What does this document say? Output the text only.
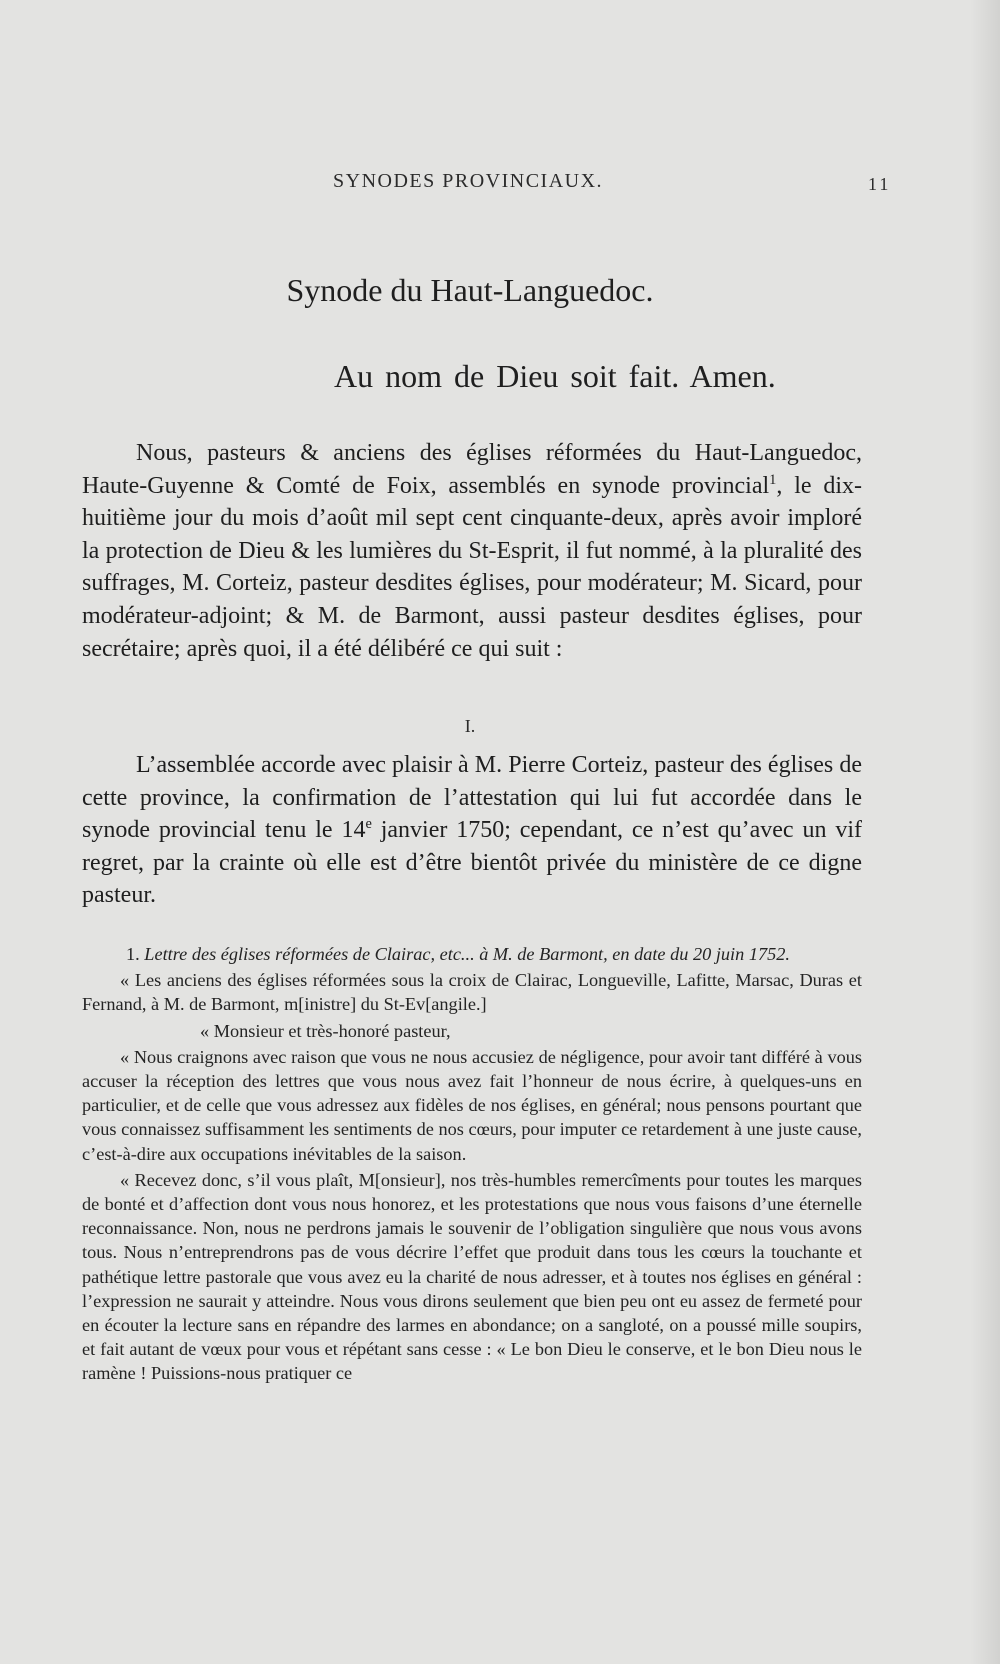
SYNODES PROVINCIAUX.	11
Synode du Haut-Languedoc.
Au nom de Dieu soit fait. Amen.

Nous, pasteurs & anciens des églises réformées du Haut-Languedoc, Haute-Guyenne & Comté de Foix, assemblés en synode provincial$^1$, le dix-huitième jour du mois d’août mil sept cent cinquante-deux, après avoir imploré la protection de Dieu & les lumières du St-Esprit, il fut nommé, à la pluralité des suffrages, M. Corteiz, pasteur desdites églises, pour modérateur; M. Sicard, pour modérateur-adjoint; & M. de Barmont, aussi pasteur desdites églises, pour secrétaire; après quoi, il a été délibéré ce qui suit :

I.

L’assemblée accorde avec plaisir à M. Pierre Corteiz, pasteur des églises de cette province, la confirmation de l’attestation qui lui fut accordée dans le synode provincial tenu le 14e janvier 1750; cependant, ce n’est qu’avec un vif regret, par la crainte où elle est d’être bientôt privée du ministère de ce digne pasteur.

1. Lettre des églises réformées de Clairac, etc... à M. de Barmont, en date du 20 juin 1752.

« Les anciens des églises réformées sous la croix de Clairac, Longueville, Lafitte, Marsac, Duras et Fernand, à M. de Barmont, m[inistre] du St-Ev[angile.]

« Monsieur et très-honoré pasteur,

« Nous craignons avec raison que vous ne nous accusiez de négligence, pour avoir tant différé à vous accuser la réception des lettres que vous nous avez fait l’honneur de nous écrire, à quelques-uns en particulier, et de celle que vous adressez aux fidèles de nos églises, en général; nous pensons pourtant que vous connaissez suffisamment les sentiments de nos cœurs, pour imputer ce retardement à une juste cause, c’est-à-dire aux occupations inévitables de la saison.

« Recevez donc, s’il vous plaît, M[onsieur], nos très-humbles remercîments pour toutes les marques de bonté et d’affection dont vous nous honorez, et les protestations que nous vous faisons d’une éternelle reconnaissance. Non, nous ne perdrons jamais le souvenir de l’obligation singulière que nous vous avons tous. Nous n’entreprendrons pas de vous décrire l’effet que produit dans tous les cœurs la touchante et pathétique lettre pastorale que vous avez eu la charité de nous adresser, et à toutes nos églises en général : l’expression ne saurait y atteindre. Nous vous dirons seulement que bien peu ont eu assez de fermeté pour en écouter la lecture sans en répandre des larmes en abondance; on a sangloté, on a poussé mille soupirs, et fait autant de vœux pour vous et répétant sans cesse : « Le bon Dieu le conserve, et le bon Dieu nous le ramène ! Puissions-nous pratiquer ce
